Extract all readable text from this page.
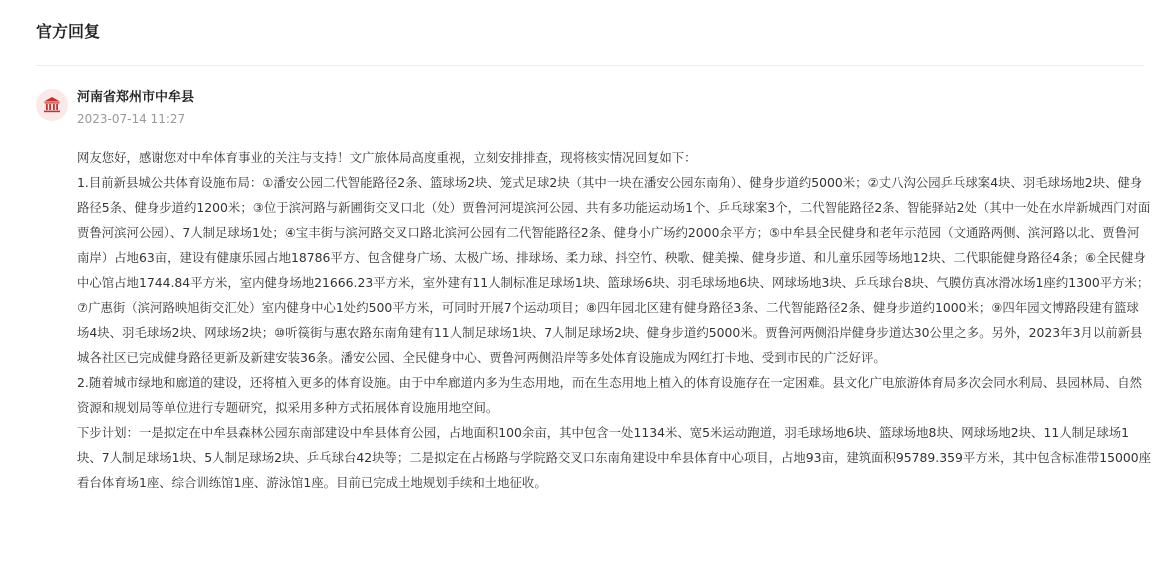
官方回复
河南省郑州市中牟县
2023-07-14 11:27

网友您好，感谢您对中牟体育事业的关注与支持！文广旅体局高度重视，立刻安排排查，现将核实情况回复如下：

1.目前新县城公共体育设施布局：①潘安公园二代智能路径2条、篮球场2块、笼式足球2块（其中一块在潘安公园东南角）、健身步道约5000米；②丈八沟公园乒乓球案4块、羽毛球场地2块、健身路径5条、健身步道约1200米；③位于滨河路与新圃街交叉口北（处）贾鲁河河堤滨河公园、共有多功能运动场1个、乒乓球案3个，二代智能路径2条、智能驿站2处（其中一处在水岸新城西门对面贾鲁河滨河公园）、7人制足球场1处；④宝丰街与滨河路交叉口路北滨河公园有二代智能路径2条、健身小广场约2000余平方；⑤中牟县全民健身和老年示范园（文通路两侧、滨河路以北、贾鲁河南岸）占地63亩，建设有健康乐园占地18786平方、包含健身广场、太极广场、排球场、柔力球、抖空竹、秧歌、健美操、健身步道、和儿童乐园等场地12块、二代职能健身路径4条；⑥全民健身中心馆占地1744.84平方米，室内健身场地21666.23平方米，室外建有11人制标准足球场1块、篮球场6块、羽毛球场地6块、网球场地3块、乒乓球台8块、气膜仿真冰滑冰场1座约1300平方米；⑦广惠街（滨河路映旭街交汇处）室内健身中心1处约500平方米，可同时开展7个运动项目；⑧四年园北区建有健身路径3条、二代智能路径2条、健身步道约1000米；⑨四年园文博路段建有篮球场4块、羽毛球场2块、网球场2块；⑩听篌街与惠农路东南角建有11人制足球场1块、7人制足球场2块、健身步道约5000米。贾鲁河两侧沿岸健身步道达30公里之多。另外，2023年3月以前新县城各社区已完成健身路径更新及新建安装36条。潘安公园、全民健身中心、贾鲁河两侧沿岸等多处体育设施成为网红打卡地、受到市民的广泛好评。

2.随着城市绿地和廊道的建设，还将植入更多的体育设施。由于中牟廊道内多为生态用地，而在生态用地上植入的体育设施存在一定困难。县文化广电旅游体育局多次会同水利局、县园林局、自然资源和规划局等单位进行专题研究，拟采用多种方式拓展体育设施用地空间。

下步计划：一是拟定在中牟县森林公园东南部建设中牟县体育公园，占地面积100余亩，其中包含一处1134米、宽5米运动跑道，羽毛球场地6块、篮球场地8块、网球场地2块、11人制足球场1块、7人制足球场1块、5人制足球场2块、乒乓球台42块等；二是拟定在占杨路与学院路交叉口东南角建设中牟县体育中心项目，占地93亩，建筑面积95789.359平方米，其中包含标准带15000座看台体育场1座、综合训练馆1座、游泳馆1座。目前已完成土地规划手续和土地征收。
